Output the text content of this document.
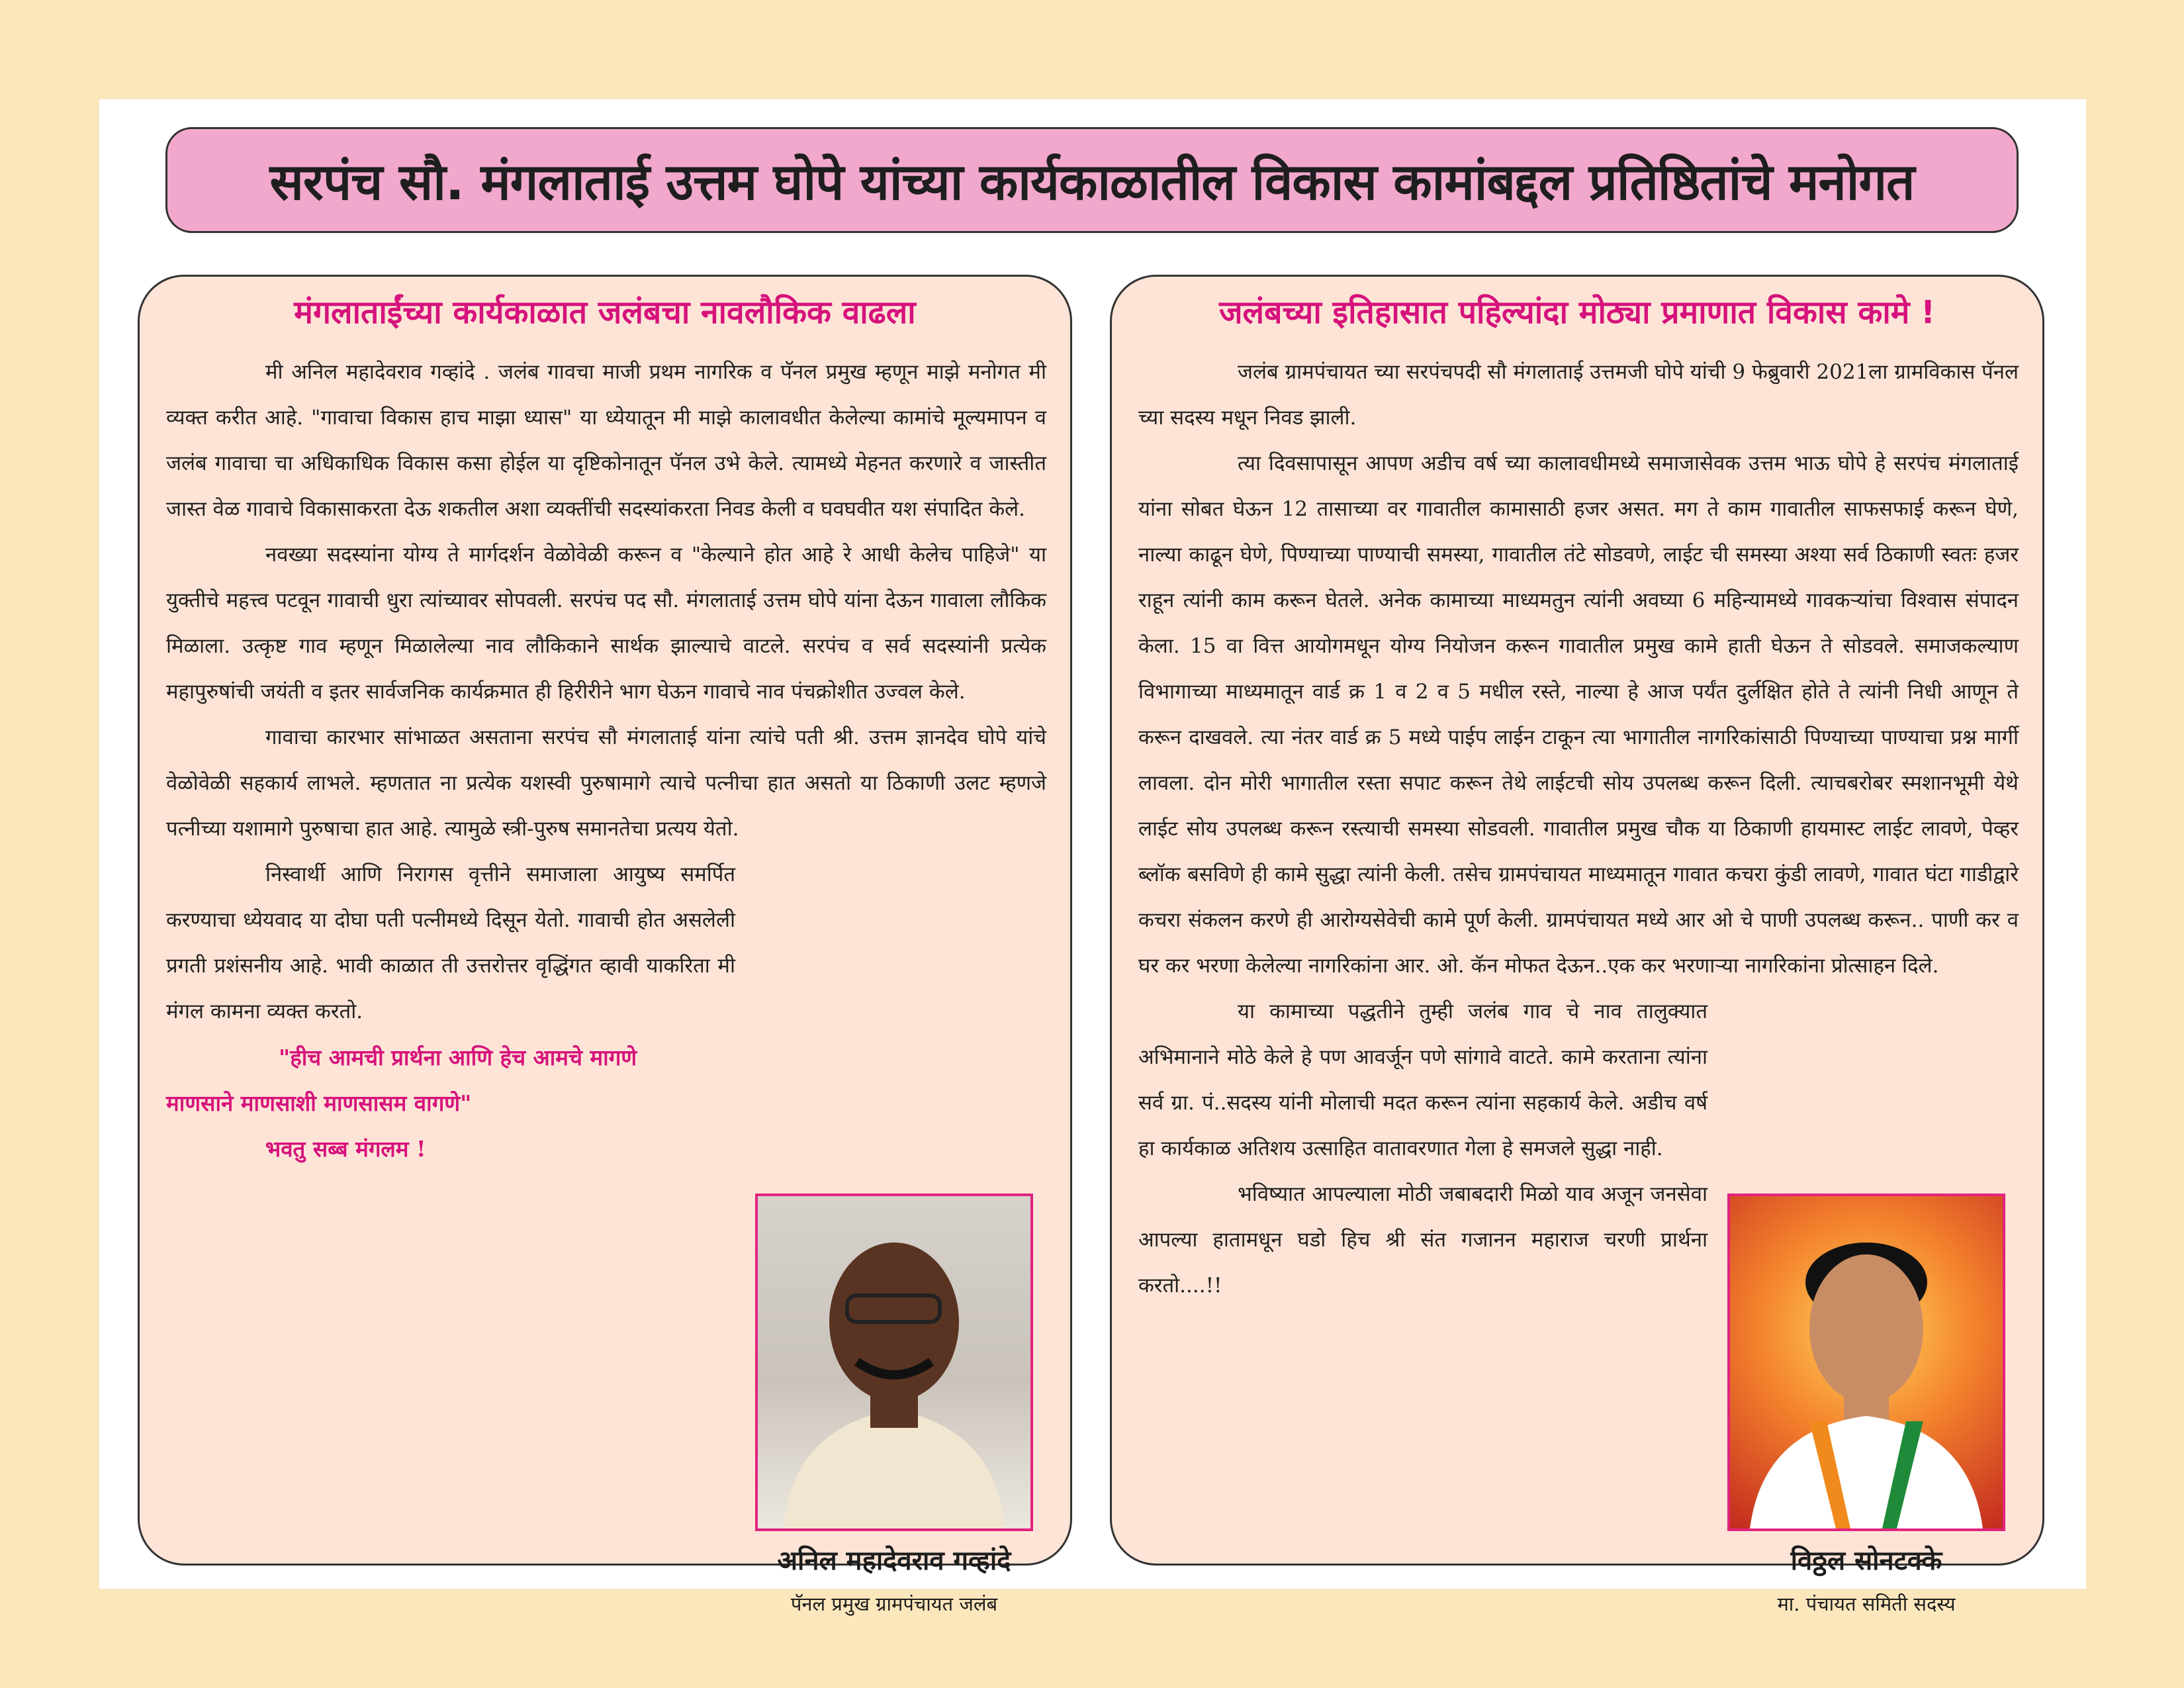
सरपंच सौ. मंगलाताई उत्तम घोपे यांच्या कार्यकाळातील विकास कामांबद्दल प्रतिष्ठितांचे मनोगत
मंगलाताईंच्या कार्यकाळात जलंबचा नावलौकिक वाढला

मी अनिल महादेवराव गव्हांदे . जलंब गावचा माजी प्रथम नागरिक व पॅनल प्रमुख म्हणून माझे मनोगत मी व्यक्त करीत आहे. "गावाचा विकास हाच माझा ध्यास" या ध्येयातून मी माझे कालावधीत केलेल्या कामांचे मूल्यमापन व जलंब गावाचा चा अधिकाधिक विकास कसा होईल या दृष्टिकोनातून पॅनल उभे केले. त्यामध्ये मेहनत करणारे व जास्तीत जास्त वेळ गावाचे विकासाकरता देऊ शकतील अशा व्यक्तींची सदस्यांकरता निवड केली व घवघवीत यश संपादित केले.

नवख्या सदस्यांना योग्य ते मार्गदर्शन वेळोवेळी करून व "केल्याने होत आहे रे आधी केलेच पाहिजे" या युक्तीचे महत्त्व पटवून गावाची धुरा त्यांच्यावर सोपवली. सरपंच पद सौ. मंगलाताई उत्तम घोपे यांना देऊन गावाला लौकिक मिळाला. उत्कृष्ट गाव म्हणून मिळालेल्या नाव लौकिकाने सार्थक झाल्याचे वाटले. सरपंच व सर्व सदस्यांनी प्रत्येक महापुरुषांची जयंती व इतर सार्वजनिक कार्यक्रमात ही हिरीरीने भाग घेऊन गावाचे नाव पंचक्रोशीत उज्वल केले.

गावाचा कारभार सांभाळत असताना सरपंच सौ मंगलाताई यांना त्यांचे पती श्री. उत्तम ज्ञानदेव घोपे यांचे वेळोवेळी सहकार्य लाभले. म्हणतात ना प्रत्येक यशस्वी पुरुषामागे त्याचे पत्नीचा हात असतो या ठिकाणी उलट म्हणजे पत्नीच्या यशामागे पुरुषाचा हात आहे. त्यामुळे स्त्री-पुरुष समानतेचा प्रत्यय येतो.

निस्वार्थी आणि निरागस वृत्तीने समाजाला आयुष्य समर्पित करण्याचा ध्येयवाद या दोघा पती पत्नीमध्ये दिसून येतो. गावाची होत असलेली प्रगती प्रशंसनीय आहे. भावी काळात ती उत्तरोत्तर वृद्धिंगत व्हावी याकरिता मी मंगल कामना व्यक्त करतो.

"हीच आमची प्रार्थना आणि हेच आमचे मागणे
माणसाने माणसाशी माणसासम वागणे"
भवतु सब्ब मंगलम !
अनिल महादेवराव गव्हांदे
पॅनल प्रमुख ग्रामपंचायत जलंब
जलंबच्या इतिहासात पहिल्यांदा मोठ्या प्रमाणात विकास कामे !

जलंब ग्रामपंचायत च्या सरपंचपदी सौ मंगलाताई उत्तमजी घोपे यांची 9 फेब्रुवारी 2021ला ग्रामविकास पॅनल च्या सदस्य मधून निवड झाली.

त्या दिवसापासून आपण अडीच वर्ष च्या कालावधीमध्ये समाजासेवक उत्तम भाऊ घोपे हे सरपंच मंगलाताई यांना सोबत घेऊन 12 तासाच्या वर गावातील कामासाठी हजर असत. मग ते काम गावातील साफसफाई करून घेणे, नाल्या काढून घेणे, पिण्याच्या पाण्याची समस्या, गावातील तंटे सोडवणे, लाईट ची समस्या अश्या सर्व ठिकाणी स्वतः हजर राहून त्यांनी काम करून घेतले. अनेक कामाच्या माध्यमतुन त्यांनी अवघ्या 6 महिन्यामध्ये गावकऱ्यांचा विश्वास संपादन केला. 15 वा वित्त आयोगमधून योग्य नियोजन करून गावातील प्रमुख कामे हाती घेऊन ते सोडवले. समाजकल्याण विभागाच्या माध्यमातून वार्ड क्र 1 व 2 व 5 मधील रस्ते, नाल्या हे आज पर्यंत दुर्लक्षित होते ते त्यांनी निधी आणून ते करून दाखवले. त्या नंतर वार्ड क्र 5 मध्ये पाईप लाईन टाकून त्या भागातील नागरिकांसाठी पिण्याच्या पाण्याचा प्रश्न मार्गी लावला. दोन मोरी भागातील रस्ता सपाट करून तेथे लाईटची सोय उपलब्ध करून दिली. त्याचबरोबर स्मशानभूमी येथे लाईट सोय उपलब्ध करून रस्त्याची समस्या सोडवली. गावातील प्रमुख चौक या ठिकाणी हायमास्ट लाईट लावणे, पेव्हर ब्लॉक बसविणे ही कामे सुद्धा त्यांनी केली. तसेच ग्रामपंचायत माध्यमातून गावात कचरा कुंडी लावणे, गावात घंटा गाडीद्वारे कचरा संकलन करणे ही आरोग्यसेवेची कामे पूर्ण केली. ग्रामपंचायत मध्ये आर ओ चे पाणी उपलब्ध करून.. पाणी कर व घर कर भरणा केलेल्या नागरिकांना आर. ओ. कॅन मोफत देऊन..एक कर भरणाऱ्या नागरिकांना प्रोत्साहन दिले.

या कामाच्या पद्धतीने तुम्ही जलंब गाव चे नाव तालुक्यात अभिमानाने मोठे केले हे पण आवर्जून पणे सांगावे वाटते. कामे करताना त्यांना सर्व ग्रा. पं..सदस्य यांनी मोलाची मदत करून त्यांना सहकार्य केले. अडीच वर्ष हा कार्यकाळ अतिशय उत्साहित वातावरणात गेला हे समजले सुद्धा नाही.

भविष्यात आपल्याला मोठी जबाबदारी मिळो याव अजून जनसेवा आपल्या हातामधून घडो हिच श्री संत गजानन महाराज चरणी प्रार्थना करतो....!!

विठ्ठल सोनटक्के
मा. पंचायत समिती सदस्य
